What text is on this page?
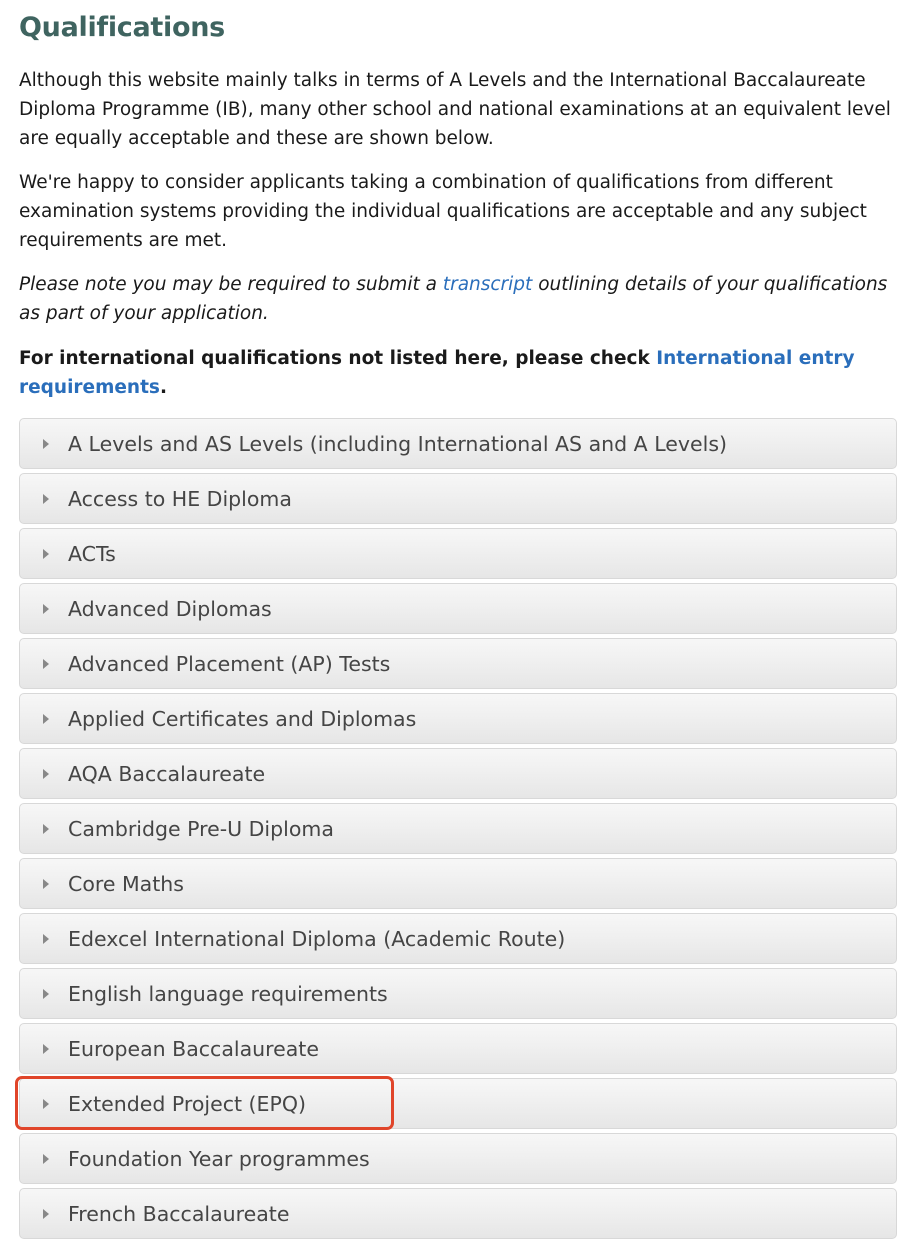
Qualifications

Although this website mainly talks in terms of A Levels and the International Baccalaureate Diploma Programme (IB), many other school and national examinations at an equivalent level are equally acceptable and these are shown below.

We're happy to consider applicants taking a combination of qualifications from different examination systems providing the individual qualifications are acceptable and any subject requirements are met.

Please note you may be required to submit a transcript outlining details of your qualifications as part of your application.

For international qualifications not listed here, please check International entry requirements.

A Levels and AS Levels (including International AS and A Levels)
Access to HE Diploma
ACTs
Advanced Diplomas
Advanced Placement (AP) Tests
Applied Certificates and Diplomas
AQA Baccalaureate
Cambridge Pre-U Diploma
Core Maths
Edexcel International Diploma (Academic Route)
English language requirements
European Baccalaureate
Extended Project (EPQ)
Foundation Year programmes
French Baccalaureate
